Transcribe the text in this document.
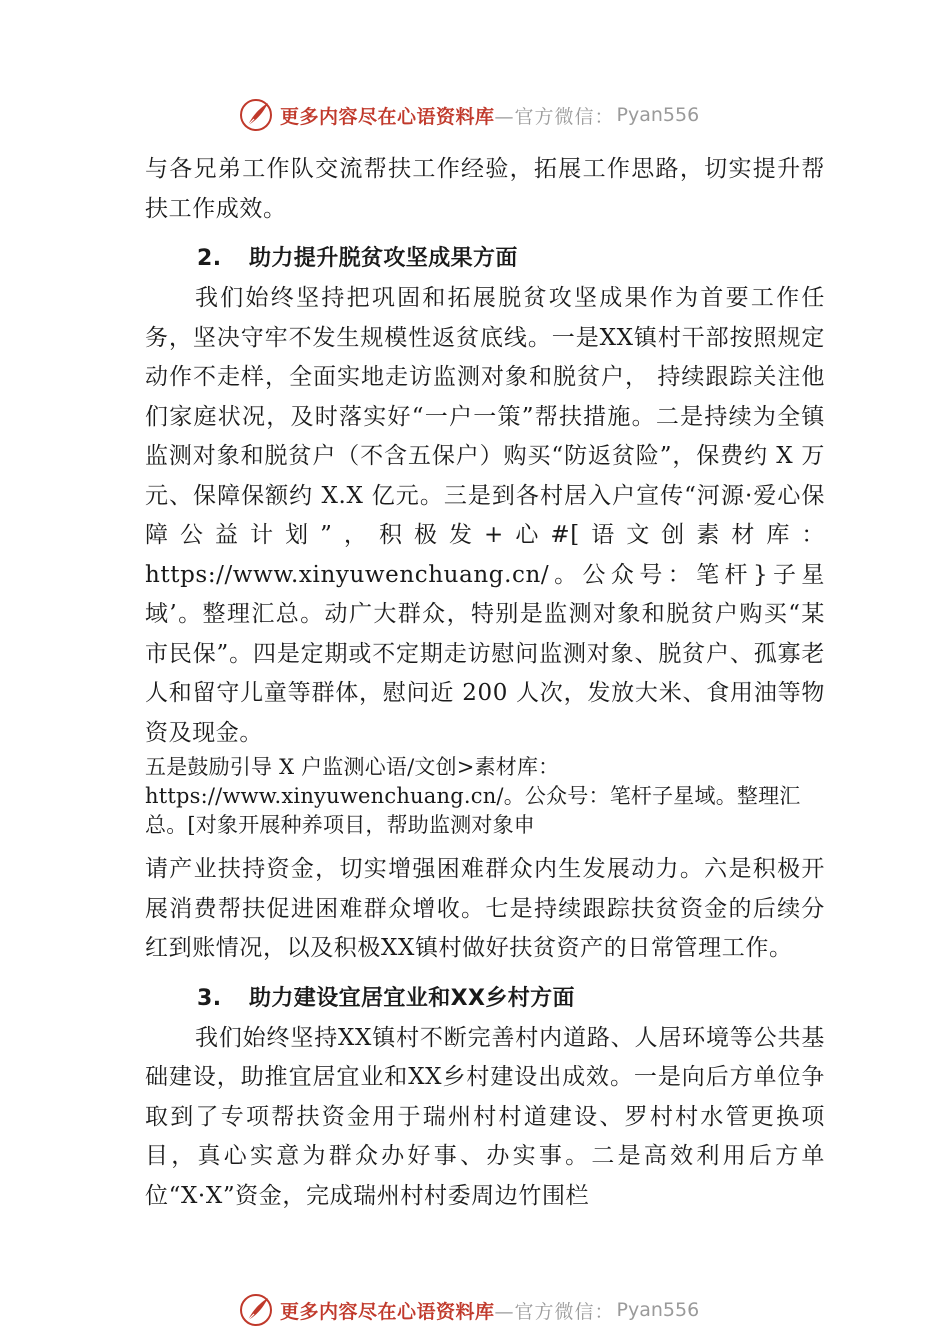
更多内容尽在心语资料库 —官方微信： Pyan556

与各兄弟工作队交流帮扶工作经验，拓展工作思路，切实提升帮扶工作成效。

2. 助力提升脱贫攻坚成果方面

我们始终坚持把巩固和拓展脱贫攻坚成果作为首要工作任务，坚决守牢不发生规模性返贫底线。一是XX镇村干部按照规定动作不走样，全面实地走访监测对象和脱贫户， 持续跟踪关注他们家庭状况，及时落实好“一户一策”帮扶措施。二是持续为全镇监测对象和脱贫户（不含五保户）购买“防返贫险”，保费约 X 万元、保障保额约 X.X 亿元。三是到各村居入户宣传“河源·爱心保障公益计划”，积极发+心#[语文创素材库：https://www.xinyuwenchuang.cn/。公众号：笔杆}子星域’。整理汇总。动广大群众，特别是监测对象和脱贫户购买“某市民保”。四是定期或不定期走访慰问监测对象、脱贫户、孤寡老人和留守儿童等群体，慰问近 200 人次，发放大米、食用油等物资及现金。

五是鼓励引导 X 户监测心语/文创>素材库：https://www.xinyuwenchuang.cn/。公众号：笔杆子星域。整理汇总。[对象开展种养项目，帮助监测对象申

请产业扶持资金，切实增强困难群众内生发展动力。六是积极开展消费帮扶促进困难群众增收。七是持续跟踪扶贫资金的后续分红到账情况，以及积极XX镇村做好扶贫资产的日常管理工作。

3. 助力建设宜居宜业和XX乡村方面

我们始终坚持XX镇村不断完善村内道路、人居环境等公共基础建设，助推宜居宜业和XX乡村建设出成效。一是向后方单位争取到了专项帮扶资金用于瑞州村村道建设、罗村村水管更换项目，真心实意为群众办好事、办实事。二是高效利用后方单位“X·X”资金，完成瑞州村村委周边竹围栏

更多内容尽在心语资料库 —官方微信： Pyan556
